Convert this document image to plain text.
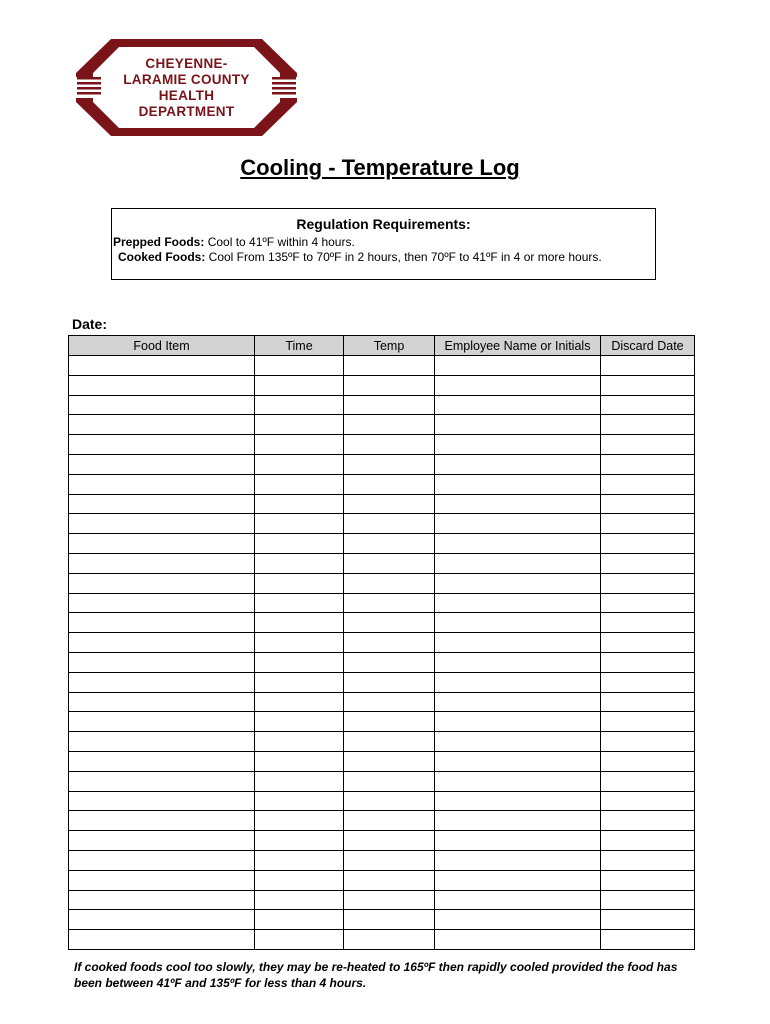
CHEYENNE-
LARAMIE COUNTY
HEALTH
DEPARTMENT
Cooling - Temperature Log
Regulation Requirements:
Prepped Foods: Cool to 41ºF within 4 hours.
Cooked Foods: Cool From 135ºF to 70ºF in 2 hours, then 70ºF to 41ºF in 4 or more hours.
Date:
Food Item	Time	Temp	Employee Name or Initials	Discard Date

If cooked foods cool too slowly, they may be re-heated to 165ºF then rapidly cooled provided the food has been between 41ºF and 135ºF for less than 4 hours.
